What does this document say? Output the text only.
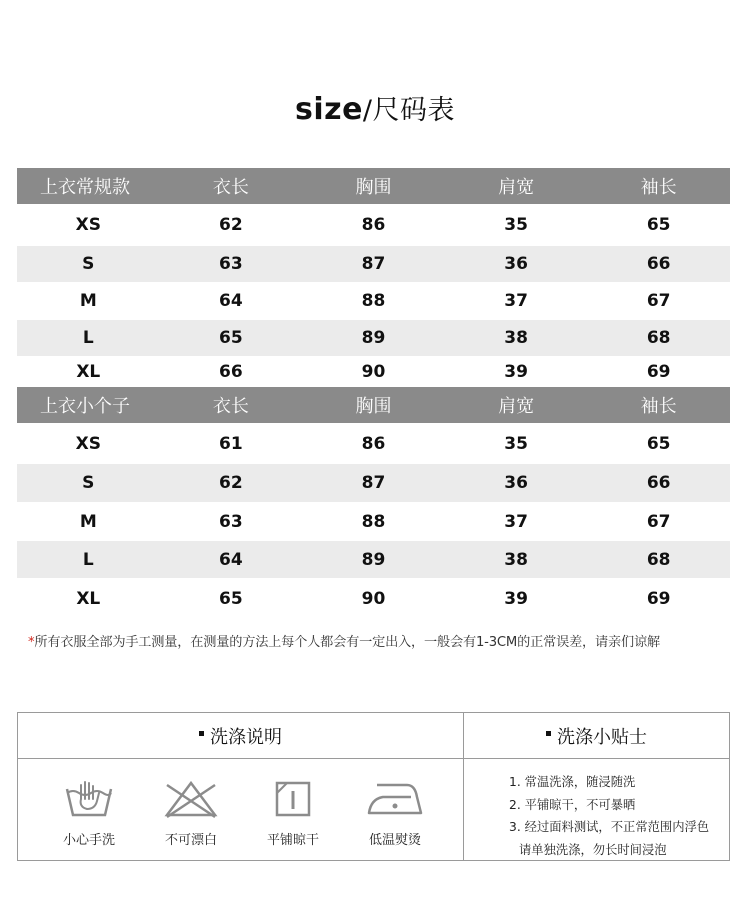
size/尺码表
上衣常规款	衣长	胸围	肩宽	袖长
XS	62	86	35	65
S	63	87	36	66
M	64	88	37	67
L	65	89	38	68
XL	66	90	39	69
上衣小个子	衣长	胸围	肩宽	袖长
XS	61	86	35	65
S	62	87	36	66
M	63	88	37	67
L	64	89	38	68
XL	65	90	39	69
*所有衣服全部为手工测量，在测量的方法上每个人都会有一定出入，一般会有1-3CM的正常误差，请亲们谅解
洗涤说明	洗涤小贴士
小心手洗	不可漂白	平铺晾干	低温熨烫
1. 常温洗涤，随浸随洗
2. 平铺晾干，不可暴晒
3. 经过面料测试，不正常范围内浮色
请单独洗涤，勿长时间浸泡
